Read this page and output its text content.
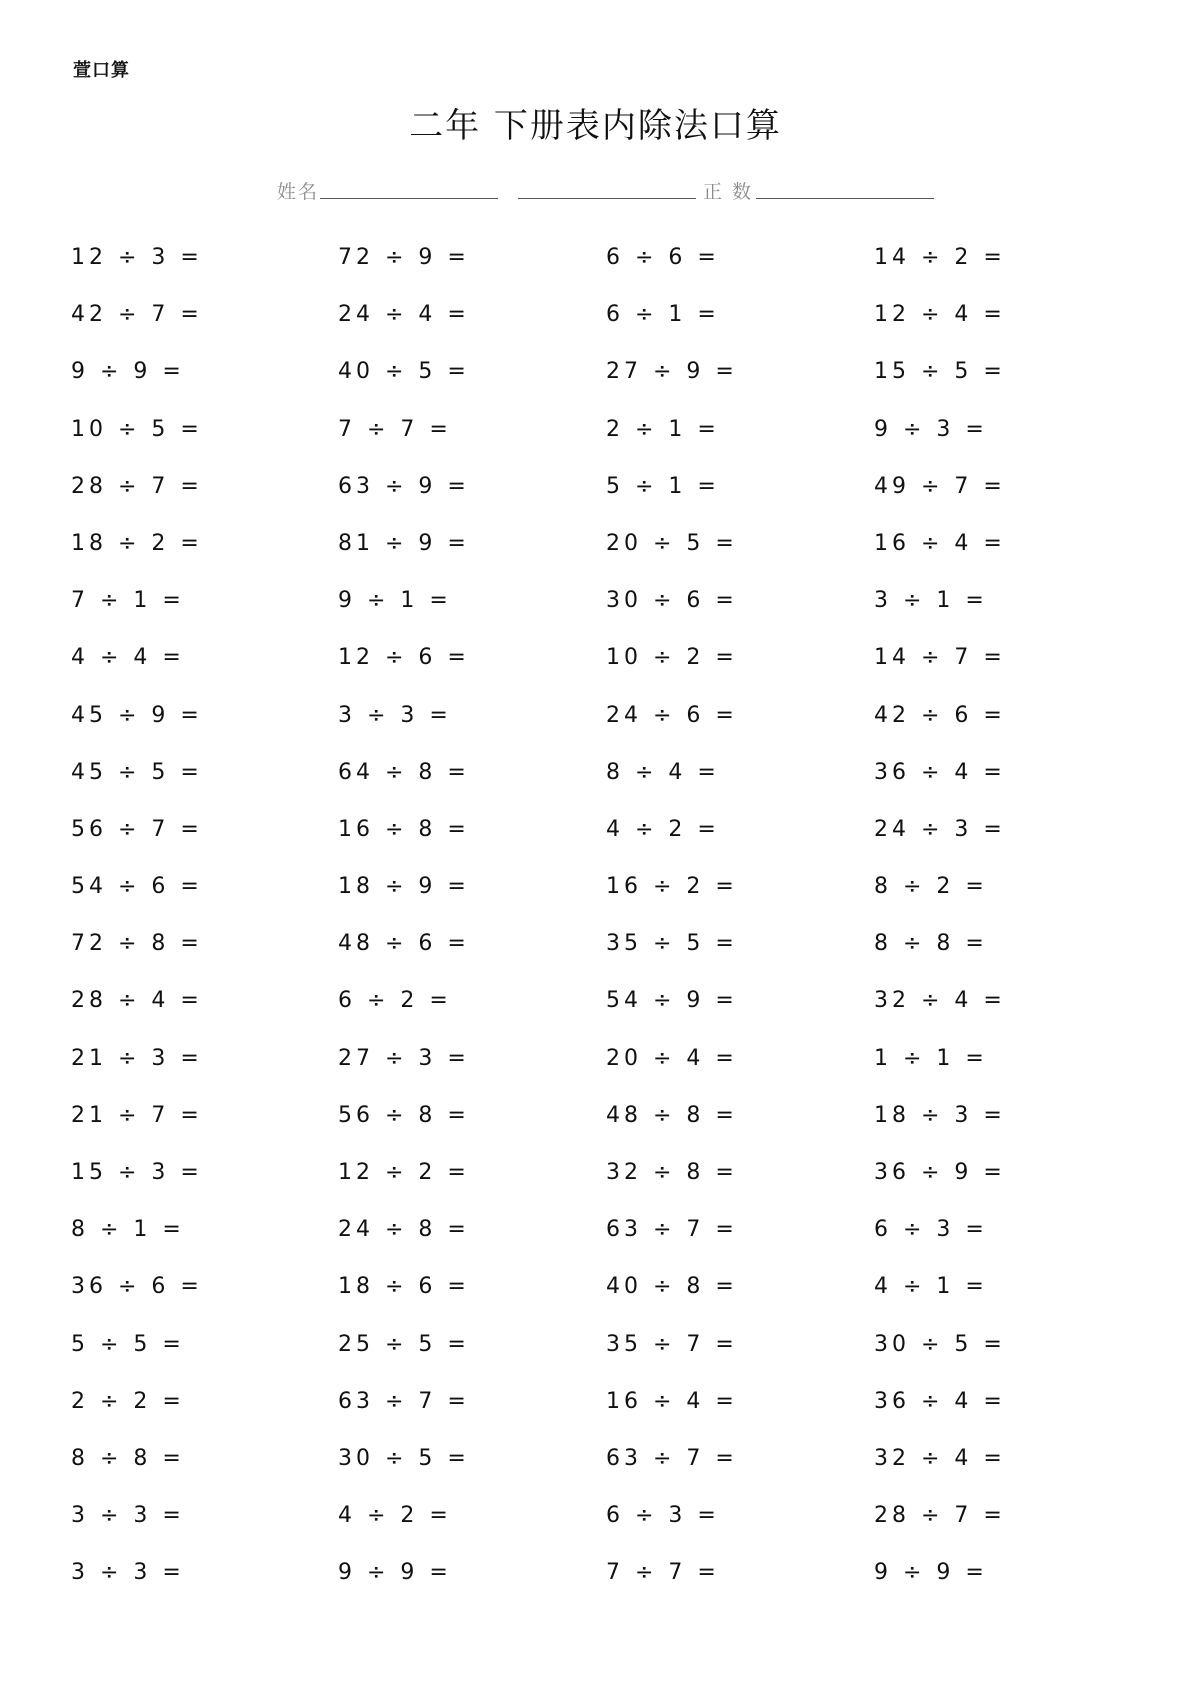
萱口算
二年 下册表内除法口算
姓名	正 数
12 ÷ 3 =
42 ÷ 7 =
9 ÷ 9 =
10 ÷ 5 =
28 ÷ 7 =
18 ÷ 2 =
7 ÷ 1 =
4 ÷ 4 =
45 ÷ 9 =
45 ÷ 5 =
56 ÷ 7 =
54 ÷ 6 =
72 ÷ 8 =
28 ÷ 4 =
21 ÷ 3 =
21 ÷ 7 =
15 ÷ 3 =
8 ÷ 1 =
36 ÷ 6 =
5 ÷ 5 =
2 ÷ 2 =
8 ÷ 8 =
3 ÷ 3 =
3 ÷ 3 =
72 ÷ 9 =
24 ÷ 4 =
40 ÷ 5 =
7 ÷ 7 =
63 ÷ 9 =
81 ÷ 9 =
9 ÷ 1 =
12 ÷ 6 =
3 ÷ 3 =
64 ÷ 8 =
16 ÷ 8 =
18 ÷ 9 =
48 ÷ 6 =
6 ÷ 2 =
27 ÷ 3 =
56 ÷ 8 =
12 ÷ 2 =
24 ÷ 8 =
18 ÷ 6 =
25 ÷ 5 =
63 ÷ 7 =
30 ÷ 5 =
4 ÷ 2 =
9 ÷ 9 =
6 ÷ 6 =
6 ÷ 1 =
27 ÷ 9 =
2 ÷ 1 =
5 ÷ 1 =
20 ÷ 5 =
30 ÷ 6 =
10 ÷ 2 =
24 ÷ 6 =
8 ÷ 4 =
4 ÷ 2 =
16 ÷ 2 =
35 ÷ 5 =
54 ÷ 9 =
20 ÷ 4 =
48 ÷ 8 =
32 ÷ 8 =
63 ÷ 7 =
40 ÷ 8 =
35 ÷ 7 =
16 ÷ 4 =
63 ÷ 7 =
6 ÷ 3 =
7 ÷ 7 =
14 ÷ 2 =
12 ÷ 4 =
15 ÷ 5 =
9 ÷ 3 =
49 ÷ 7 =
16 ÷ 4 =
3 ÷ 1 =
14 ÷ 7 =
42 ÷ 6 =
36 ÷ 4 =
24 ÷ 3 =
8 ÷ 2 =
8 ÷ 8 =
32 ÷ 4 =
1 ÷ 1 =
18 ÷ 3 =
36 ÷ 9 =
6 ÷ 3 =
4 ÷ 1 =
30 ÷ 5 =
36 ÷ 4 =
32 ÷ 4 =
28 ÷ 7 =
9 ÷ 9 =
